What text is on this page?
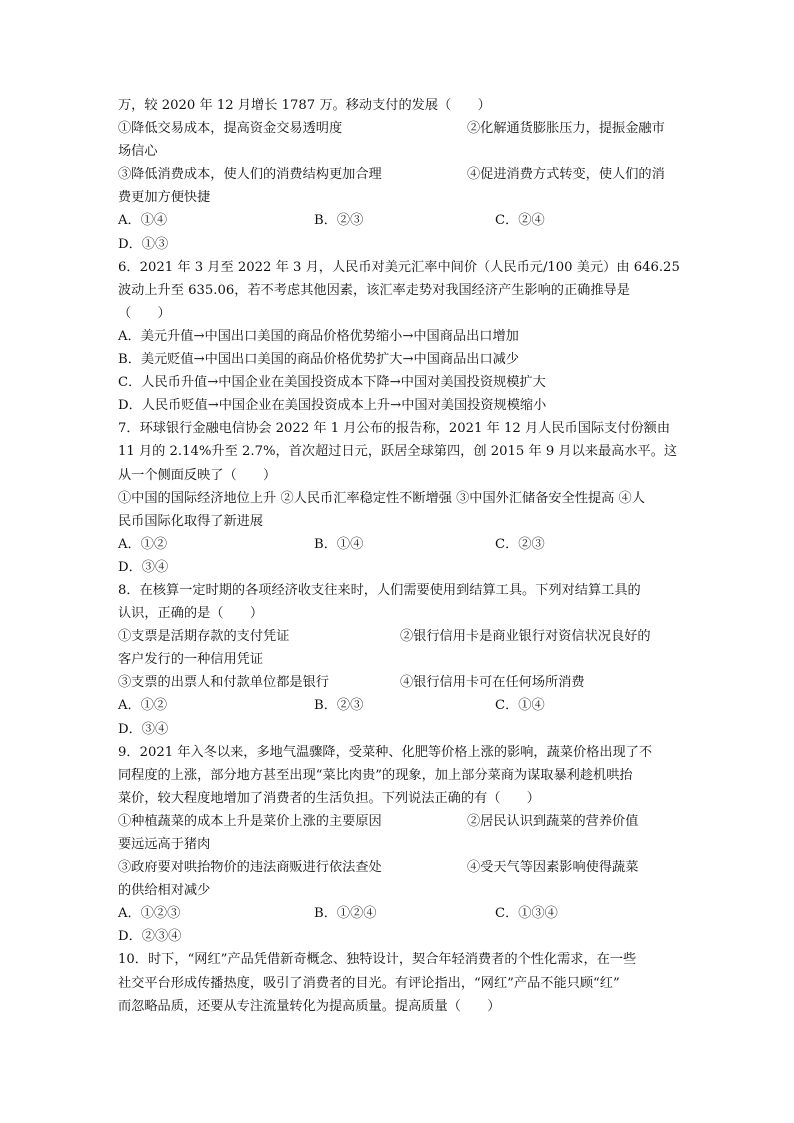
万，较 2020 年 12 月增长 1787 万。移动支付的发展（　　）
①降低交易成本，提高资金交易透明度	②化解通货膨胀压力，提振金融市
场信心
③降低消费成本，使人们的消费结构更加合理	④促进消费方式转变，使人们的消
费更加方便快捷
A．①④	B．②③	C．②④
D．①③
6．2021 年 3 月至 2022 年 3 月，人民币对美元汇率中间价（人民币元/100 美元）由 646.25
波动上升至 635.06，若不考虑其他因素，该汇率走势对我国经济产生影响的正确推导是
（　　）
A．美元升值→中国出口美国的商品价格优势缩小→中国商品出口增加
B．美元贬值→中国出口美国的商品价格优势扩大→中国商品出口减少
C．人民币升值→中国企业在美国投资成本下降→中国对美国投资规模扩大
D．人民币贬值→中国企业在美国投资成本上升→中国对美国投资规模缩小
7．环球银行金融电信协会 2022 年 1 月公布的报告称，2021 年 12 月人民币国际支付份额由
11 月的 2.14%升至 2.7%，首次超过日元，跃居全球第四，创 2015 年 9 月以来最高水平。这
从一个侧面反映了（　　）
①中国的国际经济地位上升 ②人民币汇率稳定性不断增强 ③中国外汇储备安全性提高 ④人
民币国际化取得了新进展
A．①②	B．①④	C．②③
D．③④
8．在核算一定时期的各项经济收支往来时，人们需要使用到结算工具。下列对结算工具的
认识，正确的是（　　）
①支票是活期存款的支付凭证	②银行信用卡是商业银行对资信状况良好的
客户发行的一种信用凭证
③支票的出票人和付款单位都是银行	④银行信用卡可在任何场所消费
A．①②	B．②③	C．①④
D．③④
9．2021 年入冬以来，多地气温骤降，受菜种、化肥等价格上涨的影响，蔬菜价格出现了不
同程度的上涨，部分地方甚至出现“菜比肉贵”的现象，加上部分菜商为谋取暴利趁机哄抬
菜价，较大程度地增加了消费者的生活负担。下列说法正确的有（　　）
①种植蔬菜的成本上升是菜价上涨的主要原因	②居民认识到蔬菜的营养价值
要远远高于猪肉
③政府要对哄抬物价的违法商贩进行依法查处	④受天气等因素影响使得蔬菜
的供给相对减少
A．①②③	B．①②④	C．①③④
D．②③④
10．时下，“网红”产品凭借新奇概念、独特设计，契合年轻消费者的个性化需求，在一些
社交平台形成传播热度，吸引了消费者的目光。有评论指出，“网红”产品不能只顾“红”
而忽略品质，还要从专注流量转化为提高质量。提高质量（　　）
